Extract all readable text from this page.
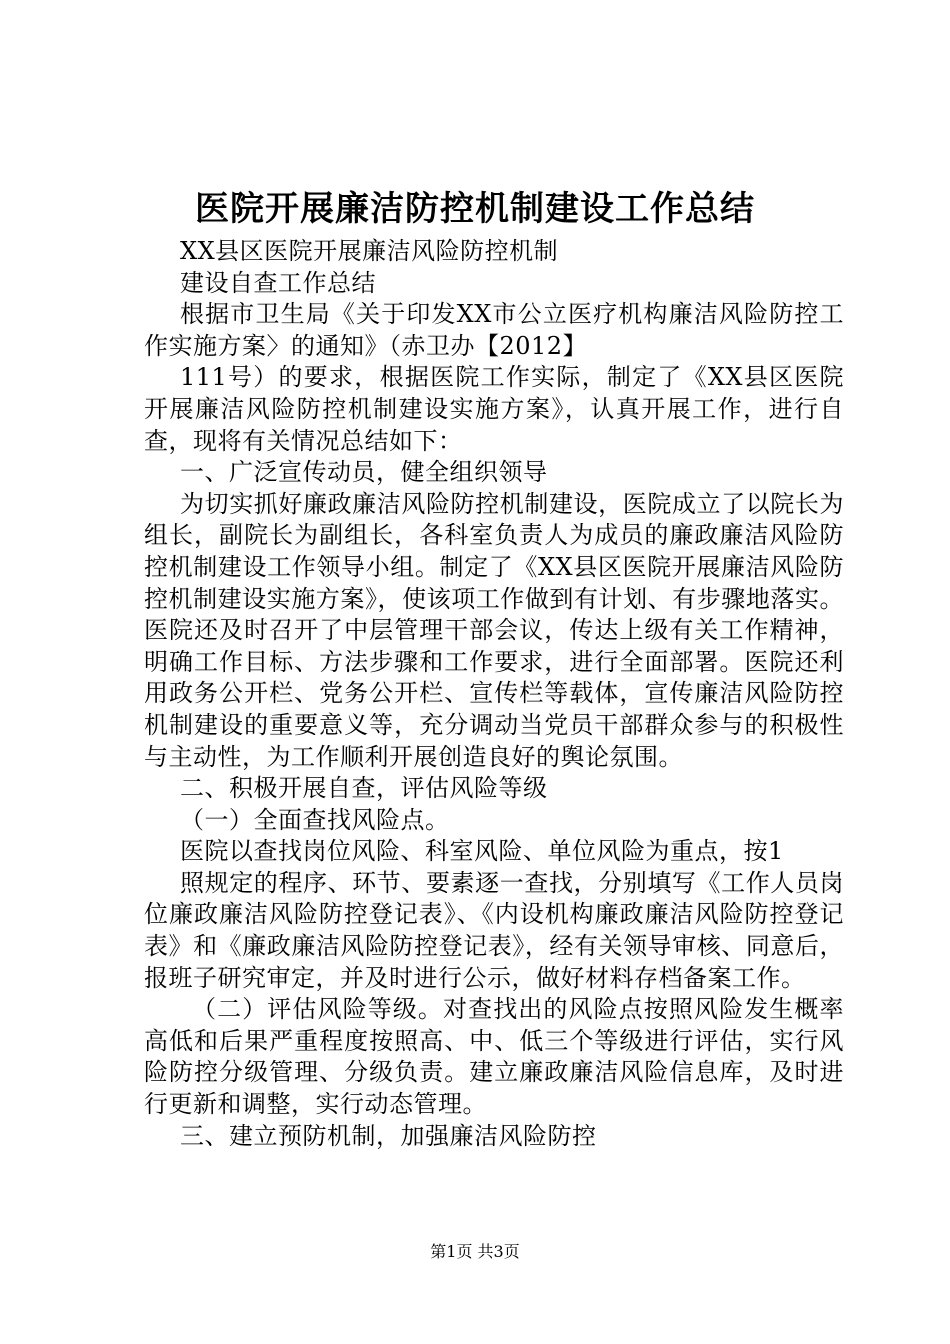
医院开展廉洁防控机制建设工作总结

XX县区医院开展廉洁风险防控机制

建设自查工作总结

根据市卫生局《关于印发XX市公立医疗机构廉洁风险防控工作实施方案〉的通知》（赤卫办【2012】

111号）的要求，根据医院工作实际，制定了《XX县区医院开展廉洁风险防控机制建设实施方案》，认真开展工作，进行自查，现将有关情况总结如下：

一、广泛宣传动员，健全组织领导

为切实抓好廉政廉洁风险防控机制建设，医院成立了以院长为组长，副院长为副组长，各科室负责人为成员的廉政廉洁风险防控机制建设工作领导小组。制定了《XX县区医院开展廉洁风险防控机制建设实施方案》，使该项工作做到有计划、有步骤地落实。医院还及时召开了中层管理干部会议，传达上级有关工作精神，明确工作目标、方法步骤和工作要求，进行全面部署。医院还利用政务公开栏、党务公开栏、宣传栏等载体，宣传廉洁风险防控机制建设的重要意义等，充分调动当党员干部群众参与的积极性与主动性，为工作顺利开展创造良好的舆论氛围。

二、积极开展自查，评估风险等级

（一）全面查找风险点。

医院以查找岗位风险、科室风险、单位风险为重点，按1

照规定的程序、环节、要素逐一查找，分别填写《工作人员岗位廉政廉洁风险防控登记表》、《内设机构廉政廉洁风险防控登记表》和《廉政廉洁风险防控登记表》，经有关领导审核、同意后，报班子研究审定，并及时进行公示，做好材料存档备案工作。

（二）评估风险等级。对查找出的风险点按照风险发生概率高低和后果严重程度按照高、中、低三个等级进行评估，实行风险防控分级管理、分级负责。建立廉政廉洁风险信息库，及时进行更新和调整，实行动态管理。

三、建立预防机制，加强廉洁风险防控

第1页 共3页
